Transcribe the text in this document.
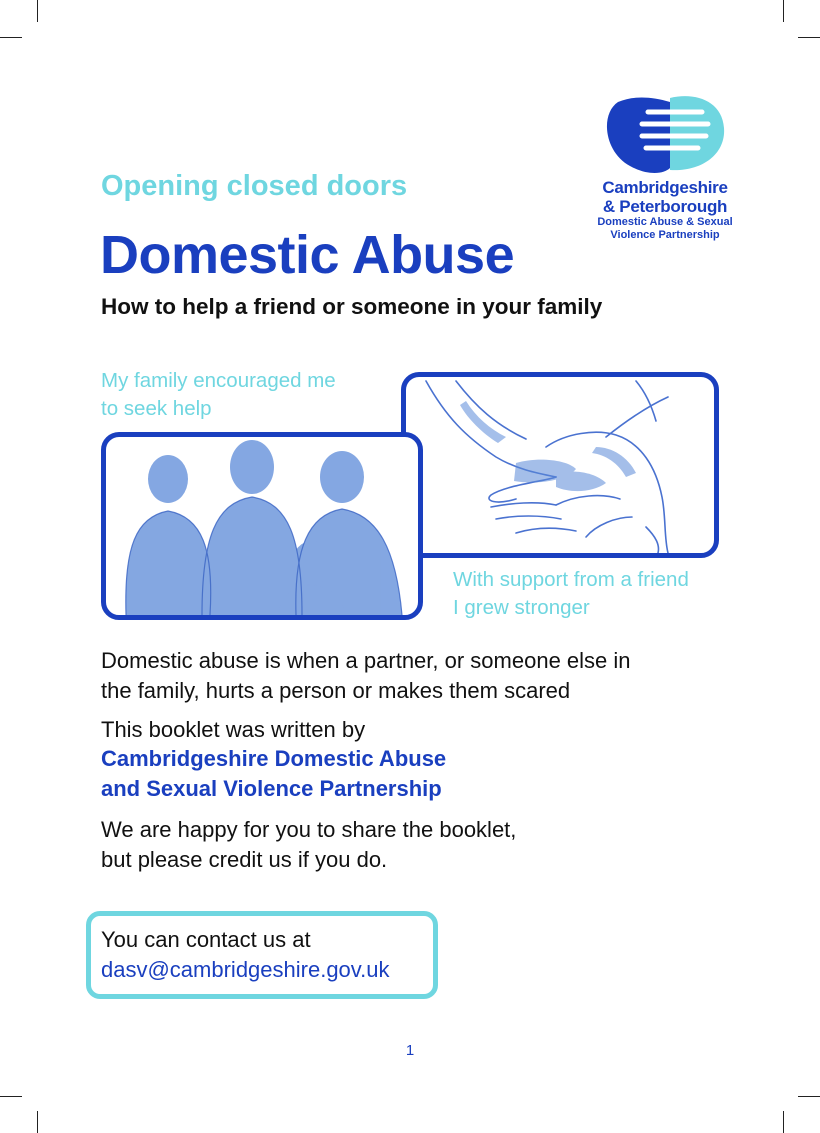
Cambridgeshire
& Peterborough
Domestic Abuse & Sexual
Violence Partnership
Opening closed doors
Domestic Abuse
How to help a friend or someone in your family
My family encouraged me
to seek help
With support from a friend
I grew stronger
Domestic abuse is when a partner, or someone else in
the family, hurts a person or makes them scared
This booklet was written by
Cambridgeshire Domestic Abuse
and Sexual Violence Partnership
We are happy for you to share the booklet,
but please credit us if you do.
You can contact us at
dasv@cambridgeshire.gov.uk
1
